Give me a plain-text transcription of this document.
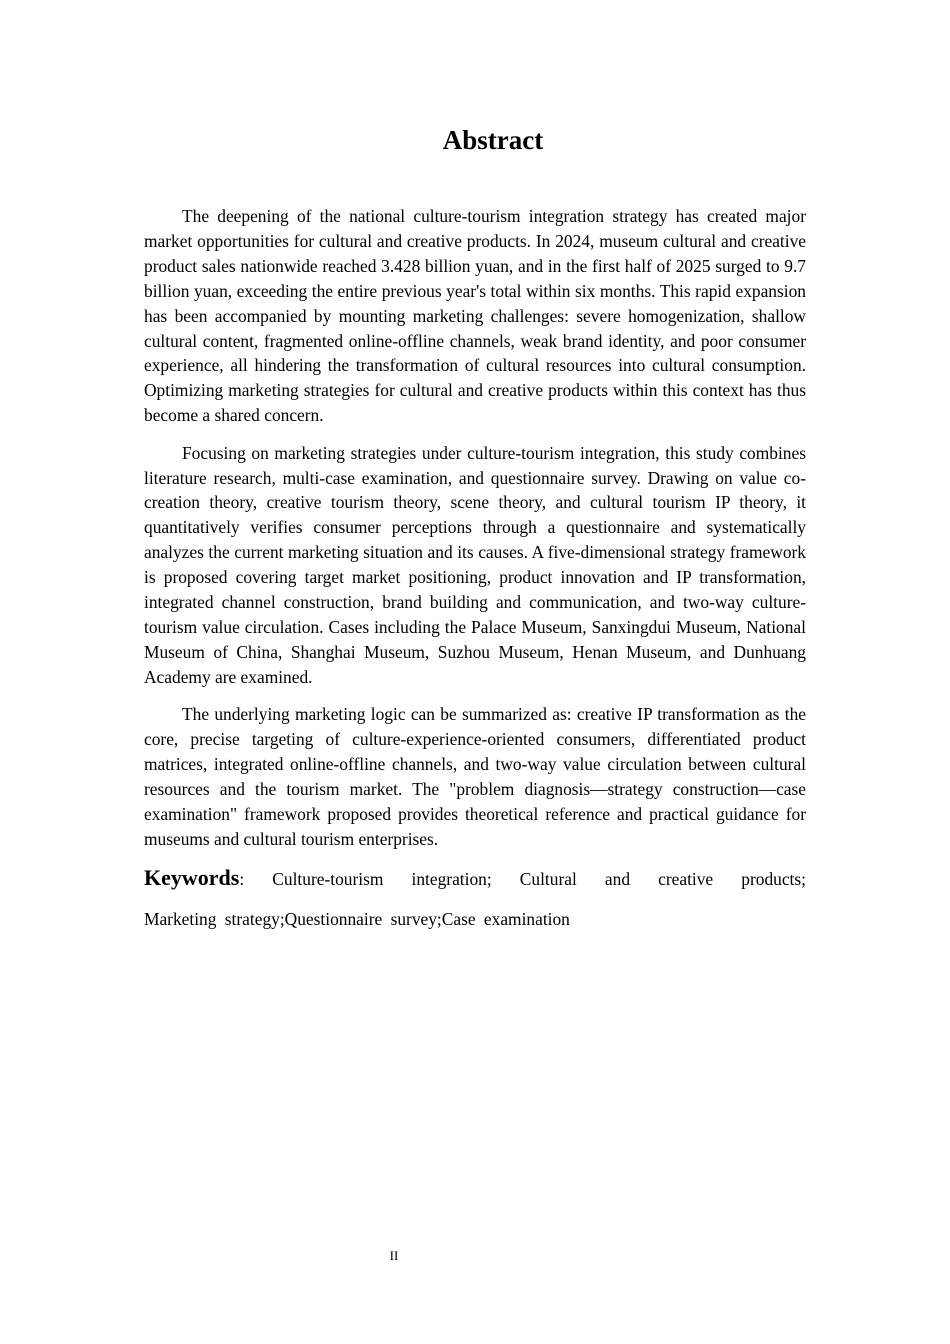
Abstract

The deepening of the national culture-tourism integration strategy has created major market opportunities for cultural and creative products. In 2024, museum cultural and creative product sales nationwide reached 3.428 billion yuan, and in the first half of 2025 surged to 9.7 billion yuan, exceeding the entire previous year's total within six months. This rapid expansion has been accompanied by mounting marketing challenges: severe homogenization, shallow cultural content, fragmented online-offline channels, weak brand identity, and poor consumer experience, all hindering the transformation of cultural resources into cultural consumption. Optimizing marketing strategies for cultural and creative products within this context has thus become a shared concern.

Focusing on marketing strategies under culture-tourism integration, this study combines literature research, multi-case examination, and questionnaire survey. Drawing on value co-creation theory, creative tourism theory, scene theory, and cultural tourism IP theory, it quantitatively verifies consumer perceptions through a questionnaire and systematically analyzes the current marketing situation and its causes. A five-dimensional strategy framework is proposed covering target market positioning, product innovation and IP transformation, integrated channel construction, brand building and communication, and two-way culture-tourism value circulation. Cases including the Palace Museum, Sanxingdui Museum, National Museum of China, Shanghai Museum, Suzhou Museum, Henan Museum, and Dunhuang Academy are examined.

The underlying marketing logic can be summarized as: creative IP transformation as the core, precise targeting of culture-experience-oriented consumers, differentiated product matrices, integrated online-offline channels, and two-way value circulation between cultural resources and the tourism market. The "problem diagnosis—strategy construction—case examination" framework proposed provides theoretical reference and practical guidance for museums and cultural tourism enterprises.

Keywords: Culture-tourism integration; Cultural and creative products;
Marketing strategy;Questionnaire survey;Case examination
II
